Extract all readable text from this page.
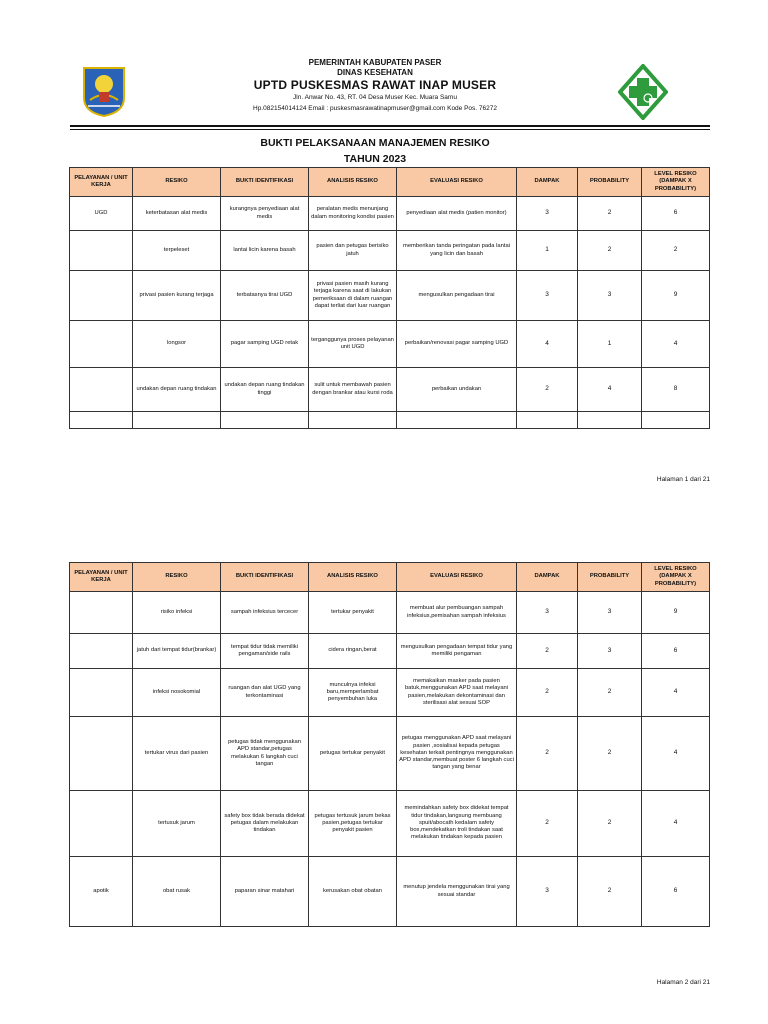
PEMERINTAH KABUPATEN PASER
DINAS KESEHATAN
UPTD PUSKESMAS RAWAT INAP MUSER
Jln. Anwar No. 43, RT. 04 Desa Muser Kec. Muara Samu
Hp.082154014124 Email : puskesmasrawatinapmuser@gmail.com Kode Pos. 76272
BUKTI PELAKSANAAN MANAJEMEN RESIKO
TAHUN 2023
PELAYANAN / UNIT KERJA	RESIKO	BUKTI IDENTIFIKASI	ANALISIS RESIKO	EVALUASI RESIKO	DAMPAK	PROBABILITY	LEVEL RESIKO (DAMPAK X PROBABILITY)
UGD	keterbatasan alat medis	kurangnya penyediaan alat medis	peralatan medis menunjang dalam monitoring kondisi pasien	penyediaan alat medis (patien monitor)	3	2	6
	terpeleset	lantai licin karena basah	pasien dan petugas berisiko jatuh	memberikan tanda peringatan pada lantai yang licin dan basah	1	2	2
	privasi pasien kurang terjaga	terbatasnya tirai UGD	privasi pasien masih kurang terjaga karena saat di lakukan pemeriksaan di dalam ruangan dapat terliat dari luar ruangan	mengusulkan pengadaan tirai	3	3	9
	longsor	pagar samping UGD retak	terganggunya proses pelayanan unit UGD	perbaikan/renovasi pagar samping UGD	4	1	4
	undakan depan ruang tindakan	undakan depan ruang tindakan tinggi	sulit untuk membawah pasien dengan brankar atau kursi roda	perbaikan undakan	2	4	8

Halaman 1 dari 21
PELAYANAN / UNIT KERJA	RESIKO	BUKTI IDENTIFIKASI	ANALISIS RESIKO	EVALUASI RESIKO	DAMPAK	PROBABILITY	LEVEL RESIKO (DAMPAK X PROBABILITY)
	risiko infeksi	sampah infeksius tercecer	tertukar penyakit	membuat alur pembuangan sampah infeksius,pemisahan sampah infeksius	3	3	9
	jatuh dari tempat tidur(brankar)	tempat tidur tidak memiliki pengaman/side rails	cidera ringan,berat	mengusulkan pengadaan tempat tidur yang memiliki pengaman	2	3	6
	infeksi nosokomial	ruangan dan alat UGD yang terkontaminasi	munculnya infeksi baru,memperlambat penyembuhan luka	memakaikan masker pada pasien batuk,menggunakan APD saat melayani pasien,melakukan dekontaminasi dan sterilisasi alat sesuai SOP	2	2	4
	tertukar virus dari pasien	petugas tidak menggunakan APD standar,petugas melakukan 6 langkah cuci tangan	petugas tertukar penyakit	petugas menggunakan APD saat melayani pasien ,sosialisai kepada petugas kesehatan terkait pentingnya menggunakan APD standar,membuat poster 6 langkah cuci tangan yang benar	2	2	4
	tertusuk jarum	safety box tidak berada didekat petugas dalam melakukan tindakan	petugas tertusuk jarum bekas pasien,petugas tertukar penyakit pasien	memindahkan safety box didekat tempat tidur tindakan,langsung membuang spuit/abocath kedalam safety box,mendekatkan troli tindakan saat melakukan tindakan kepada pasien	2	2	4
apotik	obat rusak	paparan sinar matahari	kerusakan obat obatan	menutup jendela menggunakan tirai yang sesuai standar	3	2	6
Halaman 2 dari 21
